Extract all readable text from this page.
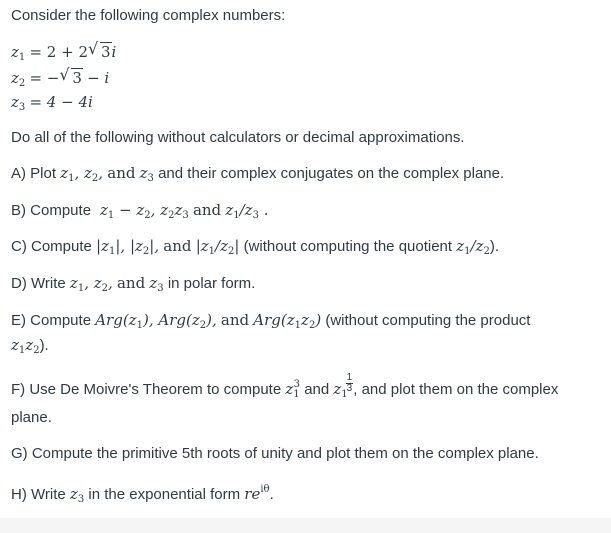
Consider the following complex numbers:
$z_1 = 2 + 2$ √ 3i
$z_2$ = − √ 3 − i
$z_3 = 4 - 4i$
Do all of the following without calculators or decimal approximations.
A) Plot $z_1$, $z_2$, and $z_3$ and their complex conjugates on the complex plane.
B) Compute  $z_1 - z_2$, $z_2z_3$ and $z_1/z_3$ .
C) Compute $|z_1|$, $|z_2|$, and $|z_1/z_2|$ (without computing the quotient $z_1/z_2$).
D) Write $z_1$, $z_2$, and $z_3$ in polar form.
E) Compute $Arg(z_1)$, $Arg(z_2)$, and $Arg(z_1z_2)$ (without computing the product
$z_1z_2$).
F) Use De Moivre's Theorem to compute $z_1^3$ and $z_1$
$\frac{1}{3}$ , and plot them on the complex
plane.
G) Compute the primitive 5th roots of unity and plot them on the complex plane.
H) Write $z_3$ in the exponential form $re^{i\theta}$.
